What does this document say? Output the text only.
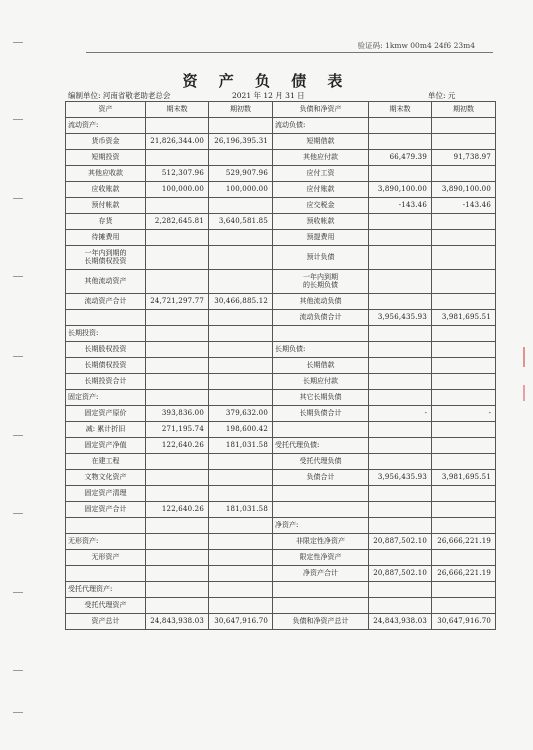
验证码: 1kmw 00m4 24f6 23m4
资 产 负 债 表
编制单位: 河南省敬老助老总会	2021 年 12 月 31 日	单位: 元
资产	期末数	期初数	负债和净资产	期末数	期初数
流动资产:			流动负债:		
货币资金	21,826,344.00	26,196,395.31	短期借款		
短期投资			其他应付款	66,479.39	91,738.97
其他应收款	512,307.96	529,907.96	应付工资		
应收账款	100,000.00	100,000.00	应付账款	3,890,100.00	3,890,100.00
预付帐款			应交税金	-143.46	-143.46
存货	2,282,645.81	3,640,581.85	预收帐款		
待摊费用			预提费用		
一年内到期的
长期债权投资			预计负债		
其他流动资产			一年内到期
的长期负债		
流动资产合计	24,721,297.77	30,466,885.12	其他流动负债		
			流动负债合计	3,956,435.93	3,981,695.51
长期投资:					
长期股权投资			长期负债:		
长期债权投资			长期借款		
长期投资合计			长期应付款		
固定资产:			其它长期负债		
固定资产原价	393,836.00	379,632.00	长期负债合计	-	-
减: 累计折旧	271,195.74	198,600.42			
固定资产净值	122,640.26	181,031.58	受托代理负债:		
在建工程			受托代理负债		
文物文化资产			负债合计	3,956,435.93	3,981,695.51
固定资产清理					
固定资产合计	122,640.26	181,031.58			
			净资产:		
无形资产:			非限定性净资产	20,887,502.10	26,666,221.19
无形资产			限定性净资产		
			净资产合计	20,887,502.10	26,666,221.19
受托代理资产:					
受托代理资产					
资产总计	24,843,938.03	30,647,916.70	负债和净资产总计	24,843,938.03	30,647,916.70
